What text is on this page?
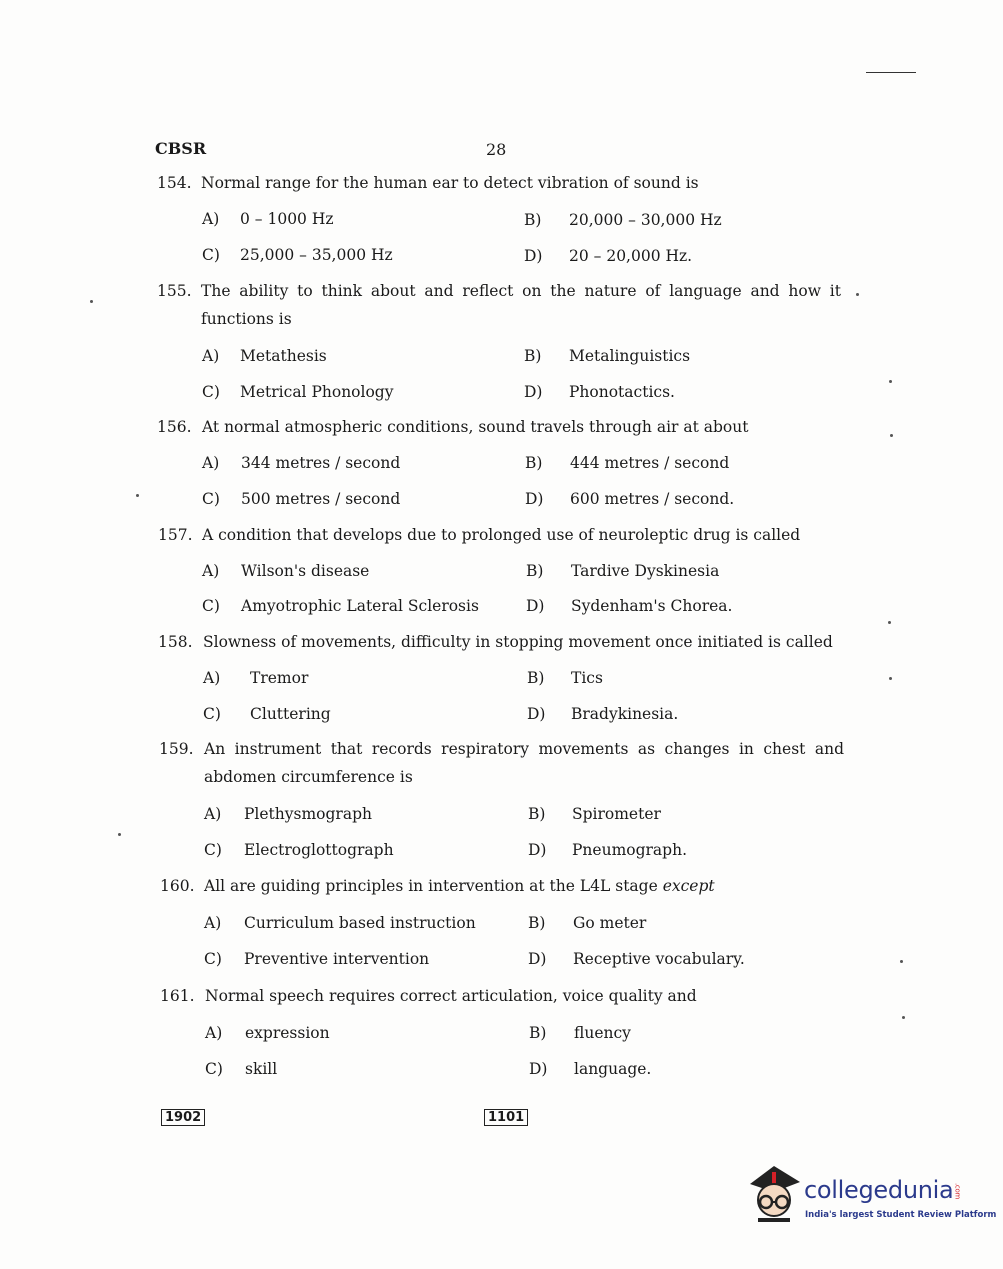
CBSR	28
154. Normal range for the human ear to detect vibration of sound is
A) 0 – 1000 Hz	B) 20,000 – 30,000 Hz
C) 25,000 – 35,000 Hz	D) 20 – 20,000 Hz.
155. The ability to think about and reflect on the nature of language and how it functions is
A) Metathesis	B) Metalinguistics
C) Metrical Phonology	D) Phonotactics.
156. At normal atmospheric conditions, sound travels through air at about
A) 344 metres / second	B) 444 metres / second
C) 500 metres / second	D) 600 metres / second.
157. A condition that develops due to prolonged use of neuroleptic drug is called
A) Wilson's disease	B) Tardive Dyskinesia
C) Amyotrophic Lateral Sclerosis	D) Sydenham's Chorea.
158. Slowness of movements, difficulty in stopping movement once initiated is called
A) Tremor	B) Tics
C) Cluttering	D) Bradykinesia.
159. An instrument that records respiratory movements as changes in chest and abdomen circumference is
A) Plethysmograph	B) Spirometer
C) Electroglottograph	D) Pneumograph.
160. All are guiding principles in intervention at the L4L stage except
A) Curriculum based instruction	B) Go meter
C) Preventive intervention	D) Receptive vocabulary.
161. Normal speech requires correct articulation, voice quality and
A) expression	B) fluency
C) skill	D) language.
1902	1101
collegedunia.com
India's largest Student Review Platform
